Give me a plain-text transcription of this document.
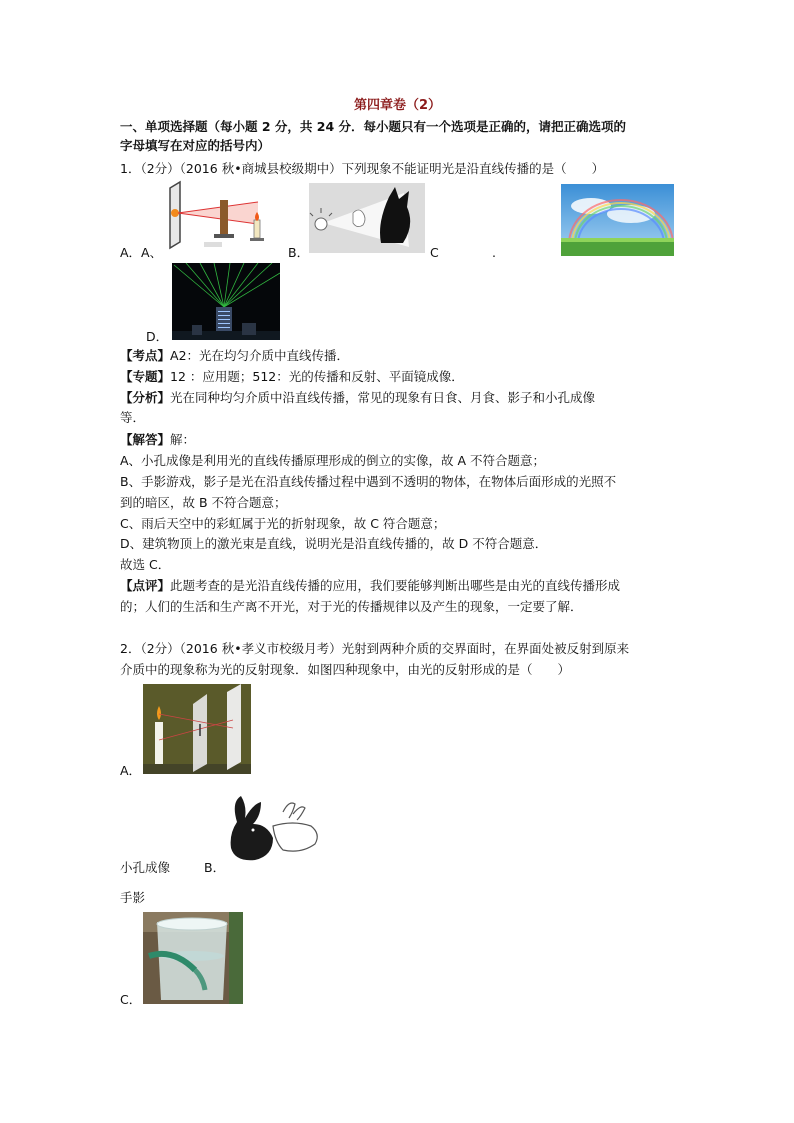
第四章卷（2）
一、单项选择题（每小题 2 分，共 24 分．每小题只有一个选项是正确的，请把正确选项的
字母填写在对应的括号内）
1．（2分）（2016 秋•商城县校级期中）下列现象不能证明光是沿直线传播的是（　　）
A．A、	B．	C	.
D．
【考点】A2：光在均匀介质中直线传播．
【专题】12 ：应用题；512：光的传播和反射、平面镜成像．
【分析】光在同种均匀介质中沿直线传播，常见的现象有日食、月食、影子和小孔成像
等．
【解答】解：
A、小孔成像是利用光的直线传播原理形成的倒立的实像，故 A 不符合题意；
B、手影游戏，影子是光在沿直线传播过程中遇到不透明的物体，在物体后面形成的光照不
到的暗区，故 B 不符合题意；
C、雨后天空中的彩虹属于光的折射现象，故 C 符合题意；
D、建筑物顶上的激光束是直线，说明光是沿直线传播的，故 D 不符合题意．
故选 C．
【点评】此题考查的是光沿直线传播的应用，我们要能够判断出哪些是由光的直线传播形成
的；人们的生活和生产离不开光，对于光的传播规律以及产生的现象，一定要了解．
2．（2分）（2016 秋•孝义市校级月考）光射到两种介质的交界面时，在界面处被反射到原来
介质中的现象称为光的反射现象．如图四种现象中，由光的反射形成的是（　　）
A．
小孔成像	B．
手影
C．
